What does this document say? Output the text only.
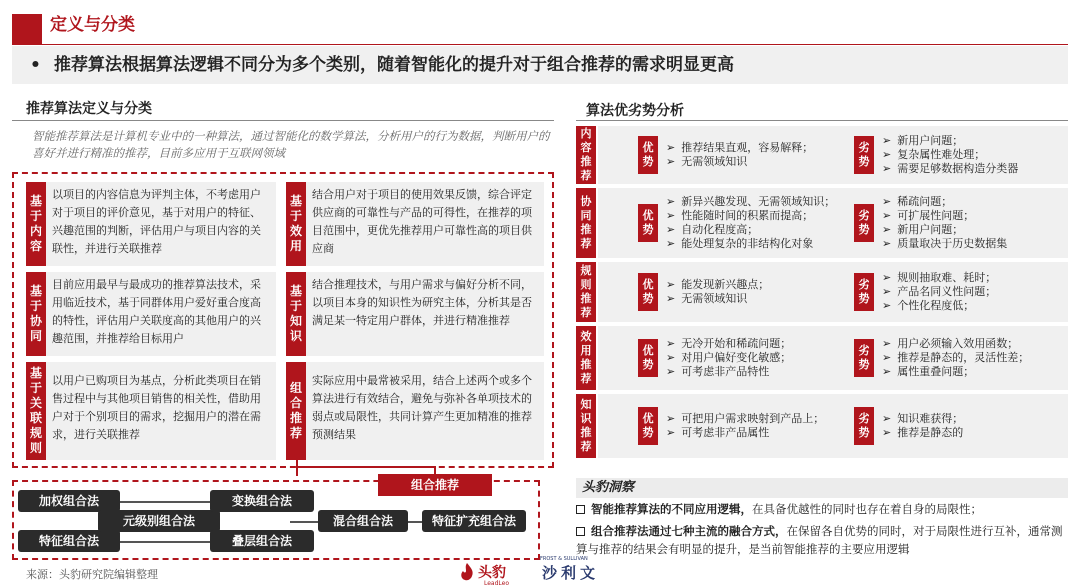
定义与分类
• 推荐算法根据算法逻辑不同分为多个类别，随着智能化的提升对于组合推荐的需求明显更高
推荐算法定义与分类
智能推荐算法是计算机专业中的一种算法，通过智能化的数学算法，分析用户的行为数据，判断用户的喜好并进行精准的推荐，目前多应用于互联网领域
基于内容
以项目的内容信息为评判主体，不考虑用户对于项目的评价意见，基于对用户的特征、兴趣范围的判断，评估用户与项目内容的关联性，并进行关联推荐
基于效用
结合用户对于项目的使用效果反馈，综合评定供应商的可靠性与产品的可得性，在推荐的项目范围中，更优先推荐用户可靠性高的项目供应商
基于协同
目前应用最早与最成功的推荐算法技术，采用临近技术，基于同群体用户爱好重合度高的特性，评估用户关联度高的其他用户的兴趣范围，并推荐给目标用户
基于知识
结合推理技术，与用户需求与偏好分析不同，以项目本身的知识性为研究主体，分析其是否满足某一特定用户群体，并进行精准推荐
基于关联规则
以用户已购项目为基点，分析此类项目在销售过程中与其他项目销售的相关性，借助用户对于个别项目的需求，挖掘用户的潜在需求，进行关联推荐
组合推荐
实际应用中最常被采用，结合上述两个或多个算法进行有效结合，避免与弥补各单项技术的弱点或局限性，共同计算产生更加精准的推荐预测结果
组合推荐
加权组合法
特征组合法
元级别组合法
变换组合法
叠层组合法
混合组合法	特征扩充组合法
算法优劣势分析
内容推荐
优势
劣势
➢ 推荐结果直观，容易解释；
➢ 无需领域知识
➢ 新用户问题；
➢ 复杂属性难处理；
➢ 需要足够数据构造分类器
协同推荐
优势
劣势
➢ 新异兴趣发现、无需领域知识；
➢ 性能随时间的积累而提高；
➢ 自动化程度高；
➢ 能处理复杂的非结构化对象
➢ 稀疏问题；
➢ 可扩展性问题；
➢ 新用户问题；
➢ 质量取决于历史数据集
规则推荐
优势
劣势
➢ 能发现新兴趣点；
➢ 无需领域知识
➢ 规则抽取难、耗时；
➢ 产品名同义性问题；
➢ 个性化程度低；
效用推荐
优势
劣势
➢ 无冷开始和稀疏问题；
➢ 对用户偏好变化敏感；
➢ 可考虑非产品特性
➢ 用户必须输入效用函数；
➢ 推荐是静态的，灵活性差；
➢ 属性重叠问题；
知识推荐
优势
劣势
➢ 可把用户需求映射到产品上；
➢ 可考虑非产品属性
➢ 知识难获得；
➢ 推荐是静态的
头豹洞察
智能推荐算法的不同应用逻辑，在具备优越性的同时也存在着自身的局限性；
组合推荐法通过七种主流的融合方式，在保留各自优势的同时，对于局限性进行互补，通常测算与推荐的结果会有明显的提升，是当前智能推荐的主要应用逻辑
来源：头豹研究院编辑整理	头豹
LeadLeo
FROST & SULLIVAN
沙利文
